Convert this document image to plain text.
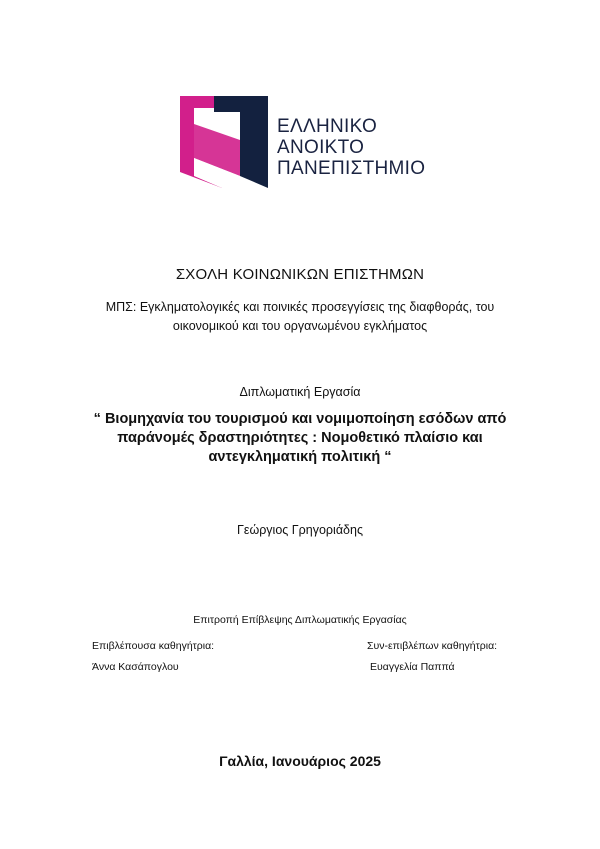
ΕΛΛΗΝΙΚΟ
ΑΝΟΙΚΤΟ
ΠΑΝΕΠΙΣΤΗΜΙΟ
ΣΧΟΛΗ ΚΟΙΝΩΝΙΚΩΝ ΕΠΙΣΤΗΜΩΝ
ΜΠΣ: Εγκληματολογικές και ποινικές προσεγγίσεις της διαφθοράς, του
οικονομικού και του οργανωμένου εγκλήματος
Διπλωματική Εργασία
“ Βιομηχανία του τουρισμού και νομιμοποίηση εσόδων από
παράνομές δραστηριότητες : Νομοθετικό πλαίσιο και
αντεγκληματική πολιτική “
Γεώργιος Γρηγοριάδης
Επιτροπή Επίβλεψης Διπλωματικής Εργασίας
Επιβλέπουσα καθηγήτρια:	Συν-επιβλέπων καθηγήτρια:
Άννα Κασάπογλου	Ευαγγελία Παππά
Γαλλία, Ιανουάριος 2025
